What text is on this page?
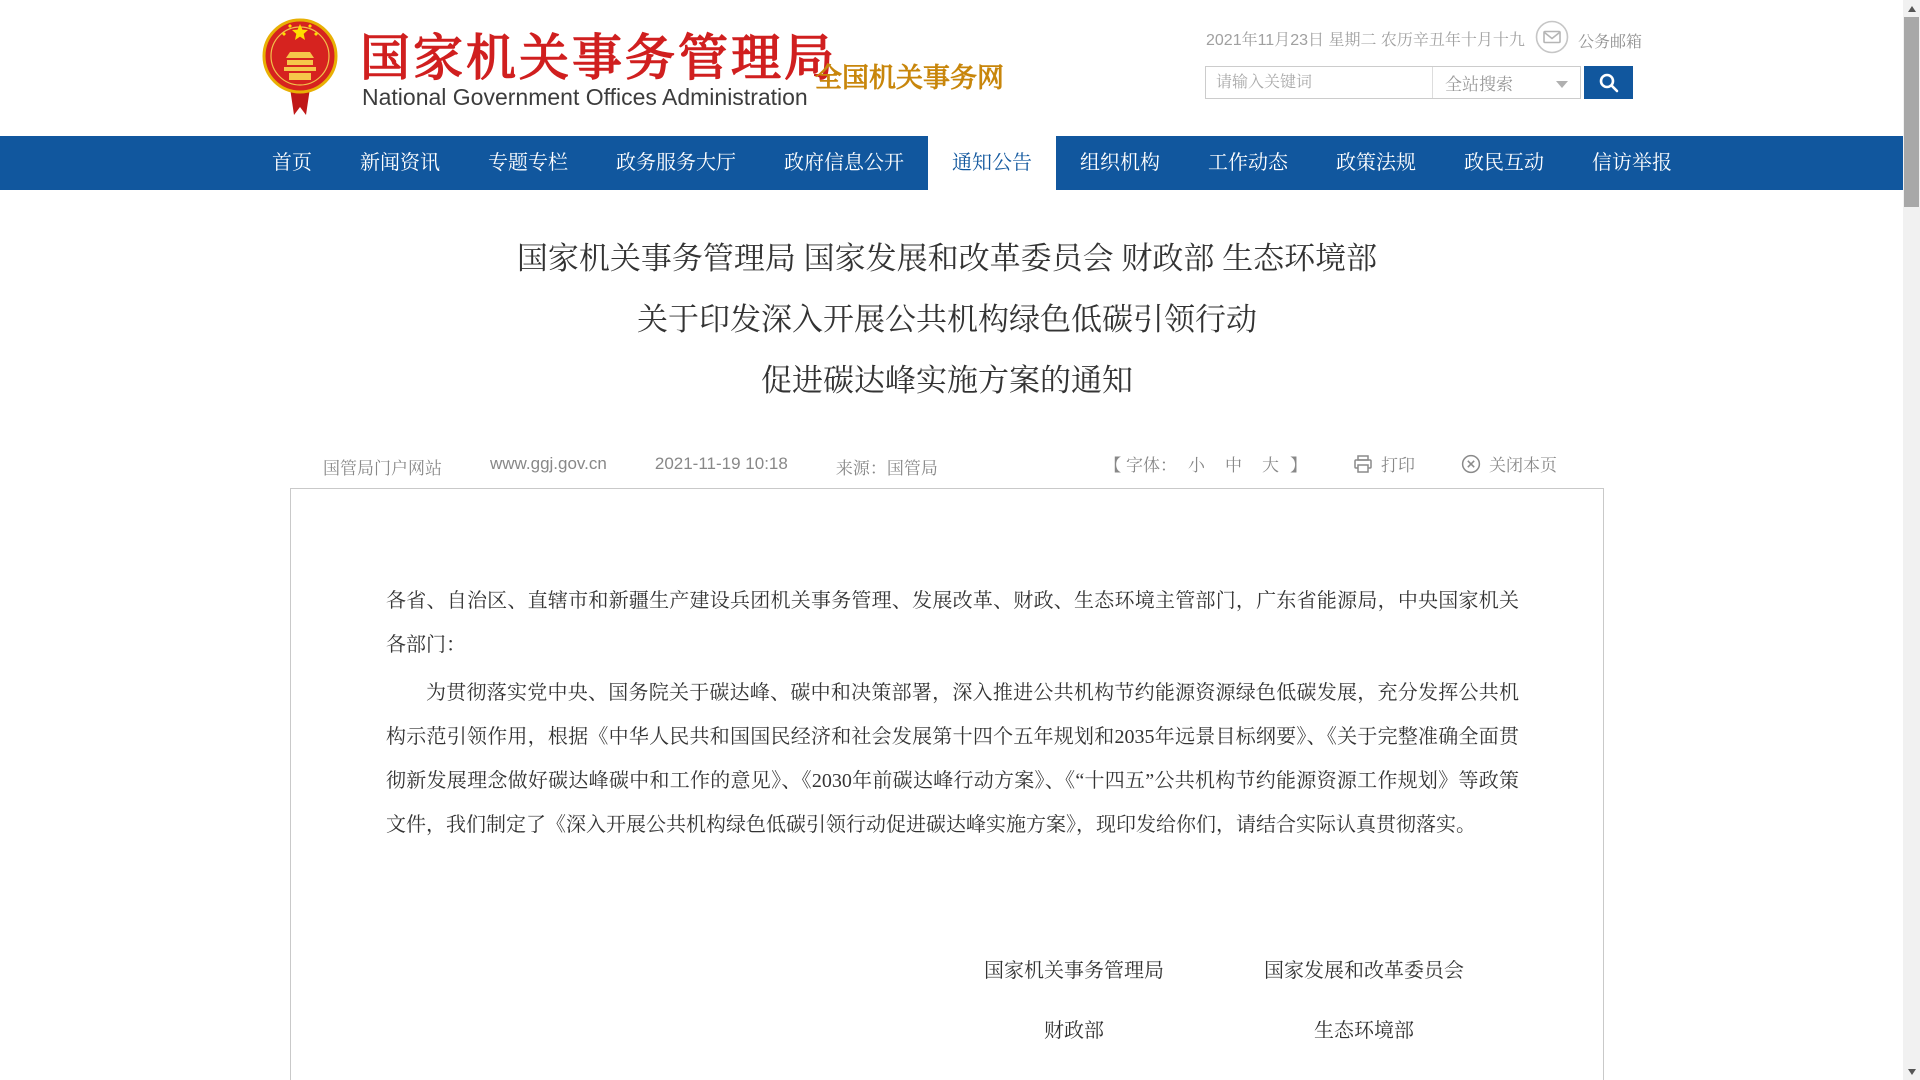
国家机关事务管理局
National Government Offices Administration
全国机关事务网
2021年11月23日 星期二 农历辛丑年十月十九	公务邮箱
请输入关键词
全站搜索
首页	新闻资讯	专题专栏	政务服务大厅	政府信息公开	通知公告	组织机构	工作动态	政策法规	政民互动	信访举报
国家机关事务管理局 国家发展和改革委员会 财政部 生态环境部
关于印发深入开展公共机构绿色低碳引领行动
促进碳达峰实施方案的通知
国管局门户网站	www.ggj.gov.cn	2021-11-19 10:18	来源：国管局	【 字体： 小 中 大 】	打印	关闭本页

各省、自治区、直辖市和新疆生产建设兵团机关事务管理、发展改革、财政、生态环境主管部门，广东省能源局，中央国家机关各部门：

为贯彻落实党中央、国务院关于碳达峰、碳中和决策部署，深入推进公共机构节约能源资源绿色低碳发展，充分发挥公共机构示范引领作用，根据《中华人民共和国国民经济和社会发展第十四个五年规划和2035年远景目标纲要》、《关于完整准确全面贯彻新发展理念做好碳达峰碳中和工作的意见》、《2030年前碳达峰行动方案》、《“十四五”公共机构节约能源资源工作规划》等政策文件，我们制定了《深入开展公共机构绿色低碳引领行动促进碳达峰实施方案》，现印发给你们，请结合实际认真贯彻落实。

国家机关事务管理局	国家发展和改革委员会
财政部	生态环境部
